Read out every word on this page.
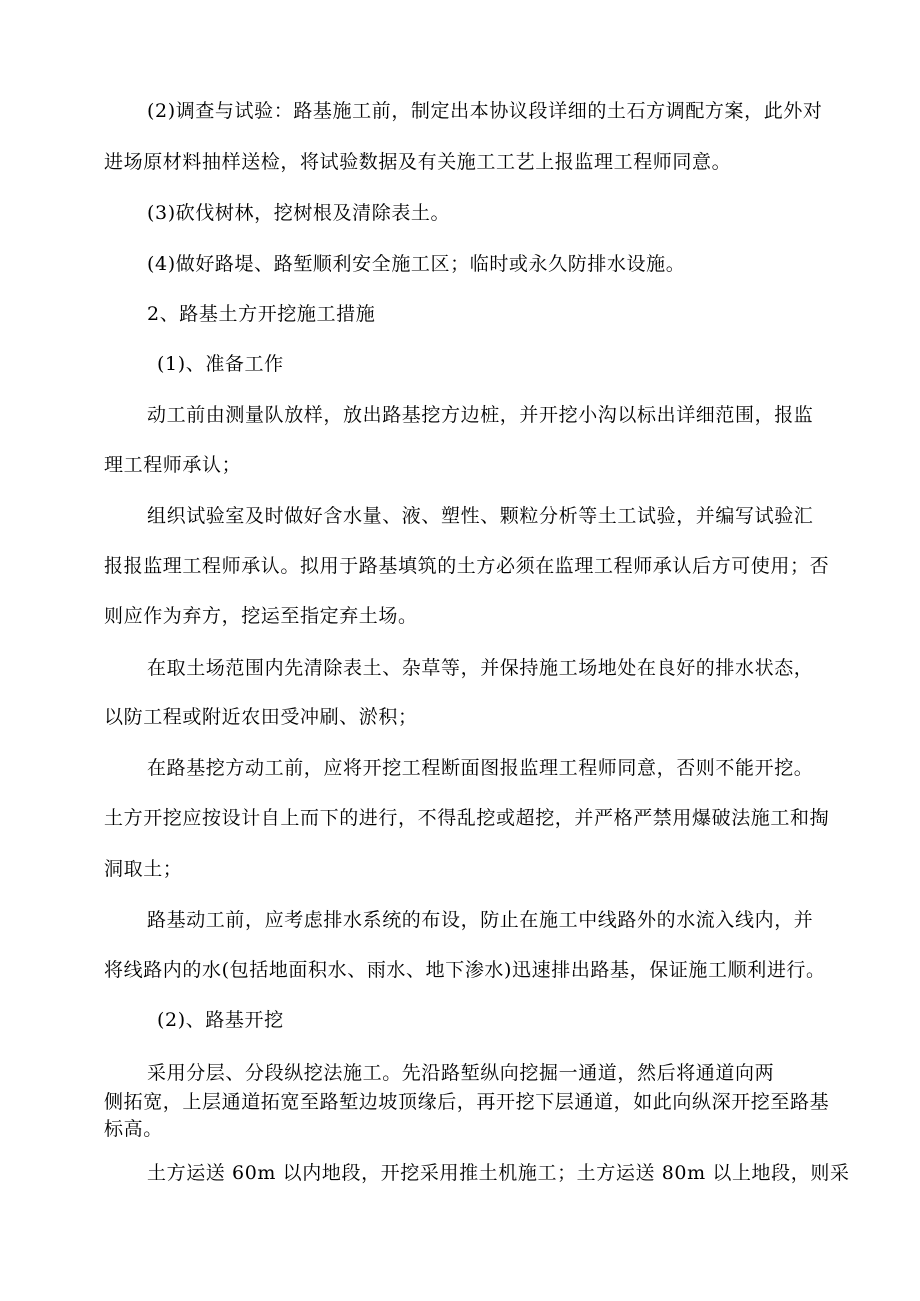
(2)调查与试验：路基施工前，制定出本协议段详细的土石方调配方案，此外对
进场原材料抽样送检，将试验数据及有关施工工艺上报监理工程师同意。
(3)砍伐树林，挖树根及清除表土。
(4)做好路堤、路堑顺利安全施工区；临时或永久防排水设施。
2、路基土方开挖施工措施
(1)、准备工作
动工前由测量队放样，放出路基挖方边桩，并开挖小沟以标出详细范围，报监
理工程师承认；
组织试验室及时做好含水量、液、塑性、颗粒分析等土工试验，并编写试验汇
报报监理工程师承认。拟用于路基填筑的土方必须在监理工程师承认后方可使用；否
则应作为弃方，挖运至指定弃土场。
在取土场范围内先清除表土、杂草等，并保持施工场地处在良好的排水状态，
以防工程或附近农田受冲刷、淤积；
在路基挖方动工前，应将开挖工程断面图报监理工程师同意，否则不能开挖。
土方开挖应按设计自上而下的进行，不得乱挖或超挖，并严格严禁用爆破法施工和掏
洞取土；
路基动工前，应考虑排水系统的布设，防止在施工中线路外的水流入线内，并
将线路内的水(包括地面积水、雨水、地下渗水)迅速排出路基，保证施工顺利进行。
(2)、路基开挖
采用分层、分段纵挖法施工。先沿路堑纵向挖掘一通道，然后将通道向两
侧拓宽，上层通道拓宽至路堑边坡顶缘后，再开挖下层通道，如此向纵深开挖至路基
标高。
土方运送 60m 以内地段，开挖采用推土机施工；土方运送 80m 以上地段，则采
